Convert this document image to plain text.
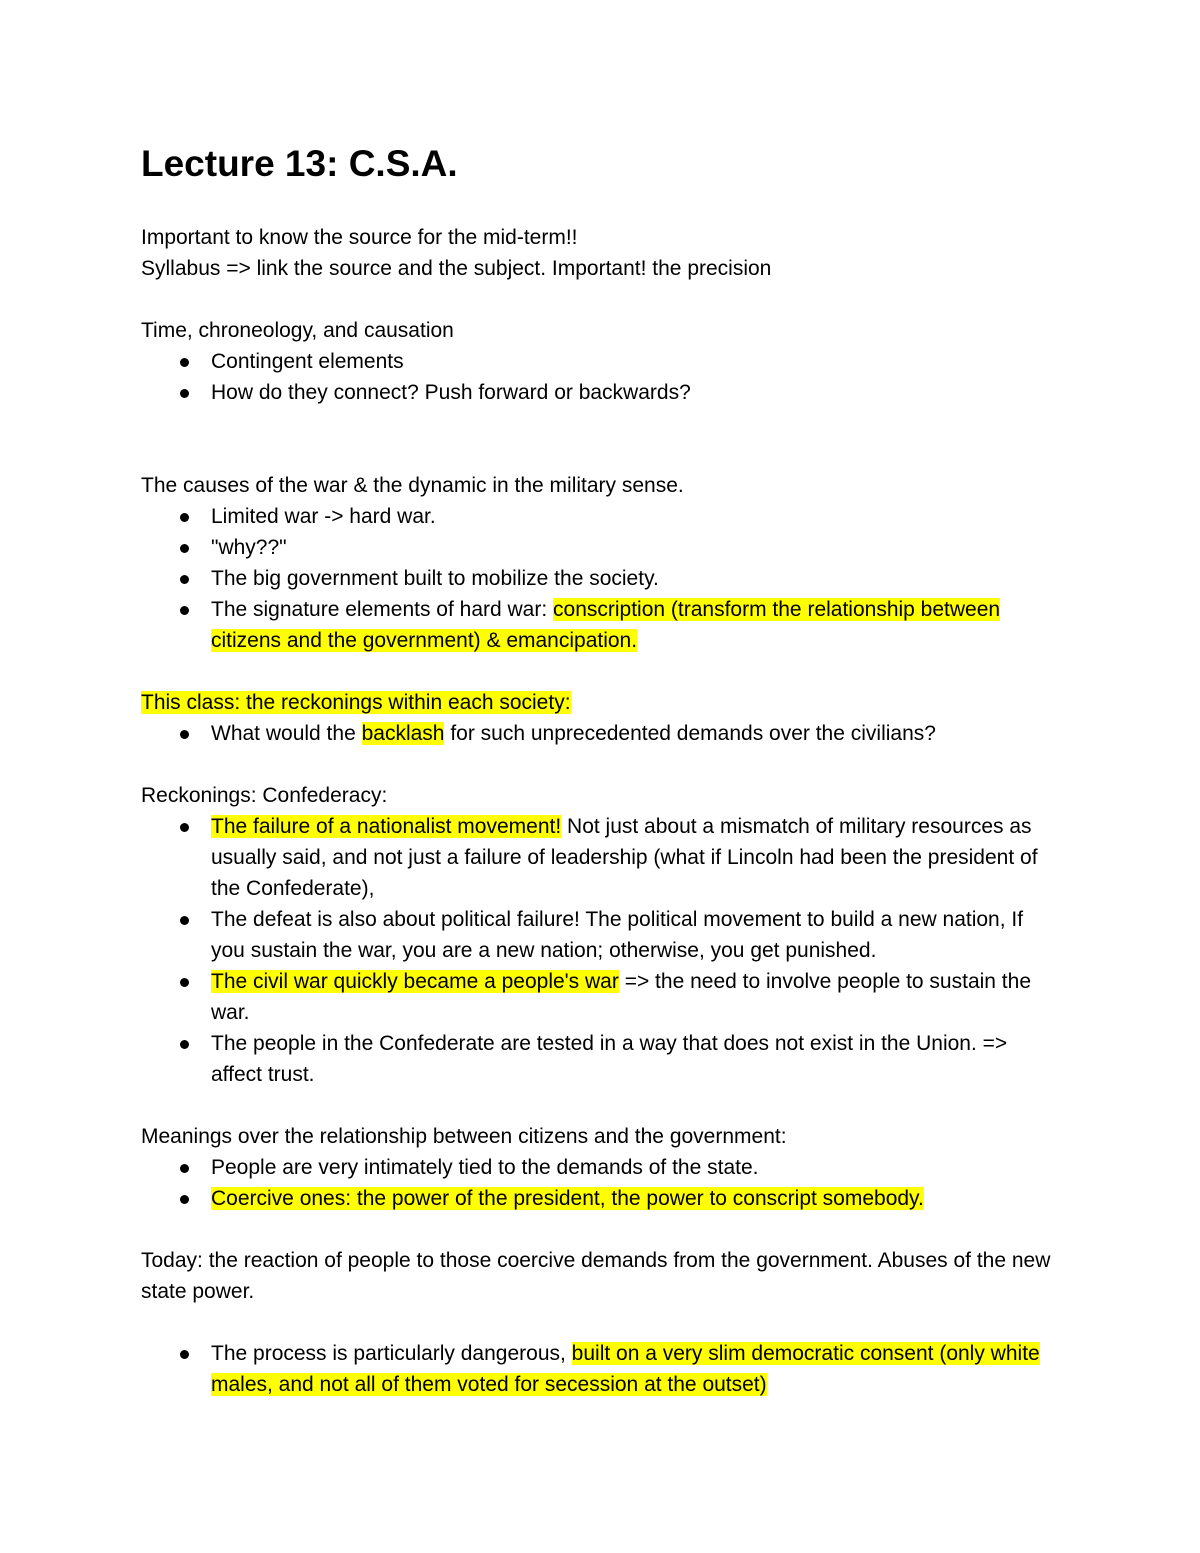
Lecture 13: C.S.A.

Important to know the source for the mid-term!!

Syllabus => link the source and the subject. Important! the precision

Time, chroneology, and causation

Contingent elements
How do they connect? Push forward or backwards?

The causes of the war & the dynamic in the military sense.

Limited war -> hard war.
"why??"
The big government built to mobilize the society.
The signature elements of hard war: conscription (transform the relationship between citizens and the government) & emancipation.

This class: the reckonings within each society:

What would the backlash for such unprecedented demands over the civilians?

Reckonings: Confederacy:

The failure of a nationalist movement! Not just about a mismatch of military resources as usually said, and not just a failure of leadership (what if Lincoln had been the president of the Confederate),
The defeat is also about political failure! The political movement to build a new nation, If you sustain the war, you are a new nation; otherwise, you get punished.
The civil war quickly became a people's war => the need to involve people to sustain the war.
The people in the Confederate are tested in a way that does not exist in the Union. => affect trust.

Meanings over the relationship between citizens and the government:

People are very intimately tied to the demands of the state.
Coercive ones: the power of the president, the power to conscript somebody.

Today: the reaction of people to those coercive demands from the government. Abuses of the new state power.

The process is particularly dangerous, built on a very slim democratic consent (only white males, and not all of them voted for secession at the outset)
